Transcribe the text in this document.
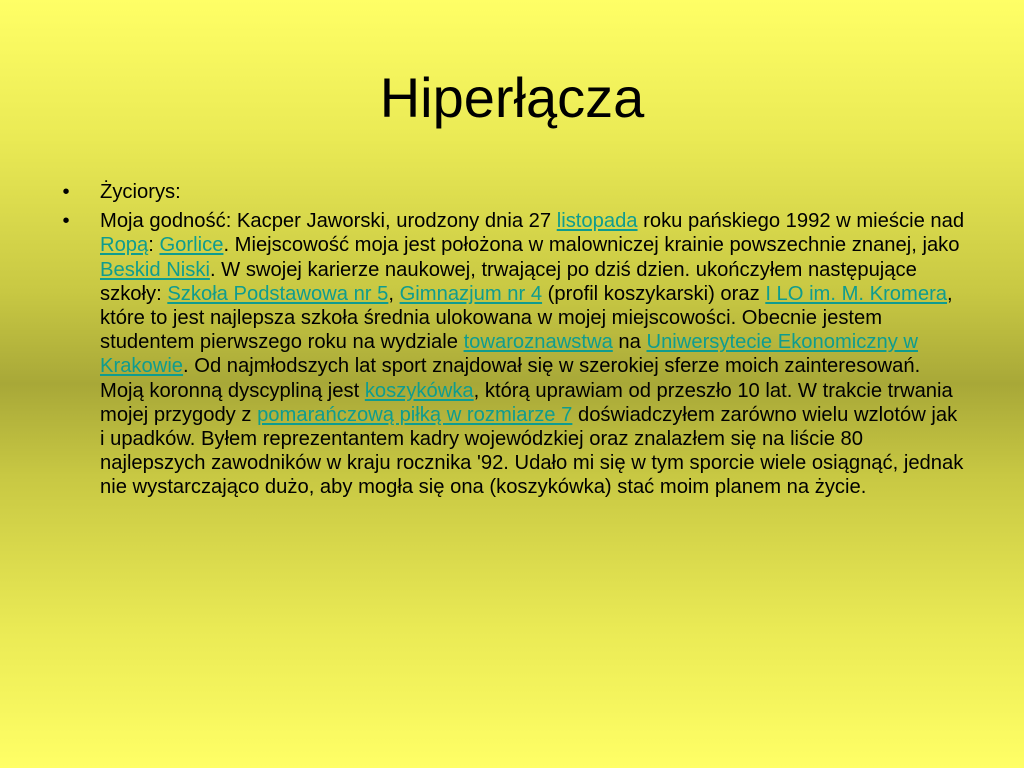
Hiperłącza
•	Życiorys:
•	Moja godność: Kacper Jaworski, urodzony dnia 27 listopada roku pańskiego 1992 w mieście nad Ropą: Gorlice. Miejscowość moja jest położona w malowniczej krainie powszechnie znanej, jako Beskid Niski. W swojej karierze naukowej, trwającej po dziś dzien. ukończyłem następujące szkoły: Szkoła Podstawowa nr 5, Gimnazjum nr 4 (profil koszykarski) oraz I LO im. M. Kromera, które to jest najlepsza szkoła średnia ulokowana w mojej miejscowości. Obecnie jestem studentem pierwszego roku na wydziale towaroznawstwa na Uniwersytecie Ekonomiczny w Krakowie. Od najmłodszych lat sport znajdował się w szerokiej sferze moich zainteresowań. Moją koronną dyscypliną jest koszykówka, którą uprawiam od przeszło 10 lat. W trakcie trwania mojej przygody z pomarańczową piłką w rozmiarze 7 doświadczyłem zarówno wielu wzlotów jak i upadków. Byłem reprezentantem kadry wojewódzkiej oraz znalazłem się na liście 80 najlepszych zawodników w kraju rocznika '92. Udało mi się w tym sporcie wiele osiągnąć, jednak nie wystarczająco dużo, aby mogła się ona (koszykówka) stać moim planem na życie.
